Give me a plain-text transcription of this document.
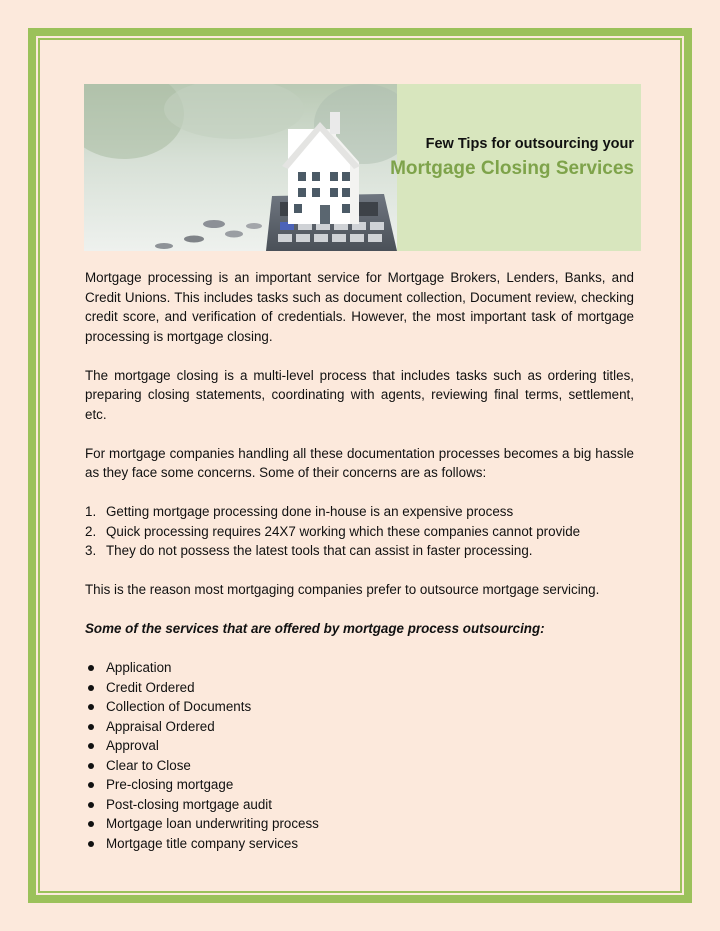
Few Tips for outsourcing your
Mortgage Closing Services

Mortgage processing is an important service for Mortgage Brokers, Lenders, Banks, and Credit Unions. This includes tasks such as document collection, Document review, checking credit score, and verification of credentials. However, the most important task of mortgage processing is mortgage closing.

The mortgage closing is a multi-level process that includes tasks such as ordering titles, preparing closing statements, coordinating with agents, reviewing final terms, settlement, etc.

For mortgage companies handling all these documentation processes becomes a big hassle as they face some concerns. Some of their concerns are as follows:

1. Getting mortgage processing done in-house is an expensive process
2. Quick processing requires 24X7 working which these companies cannot provide
3. They do not possess the latest tools that can assist in faster processing.

This is the reason most mortgaging companies prefer to outsource mortgage servicing.

Some of the services that are offered by mortgage process outsourcing:

Application
Credit Ordered
Collection of Documents
Appraisal Ordered
Approval
Clear to Close
Pre-closing mortgage
Post-closing mortgage audit
Mortgage loan underwriting process
Mortgage title company services
